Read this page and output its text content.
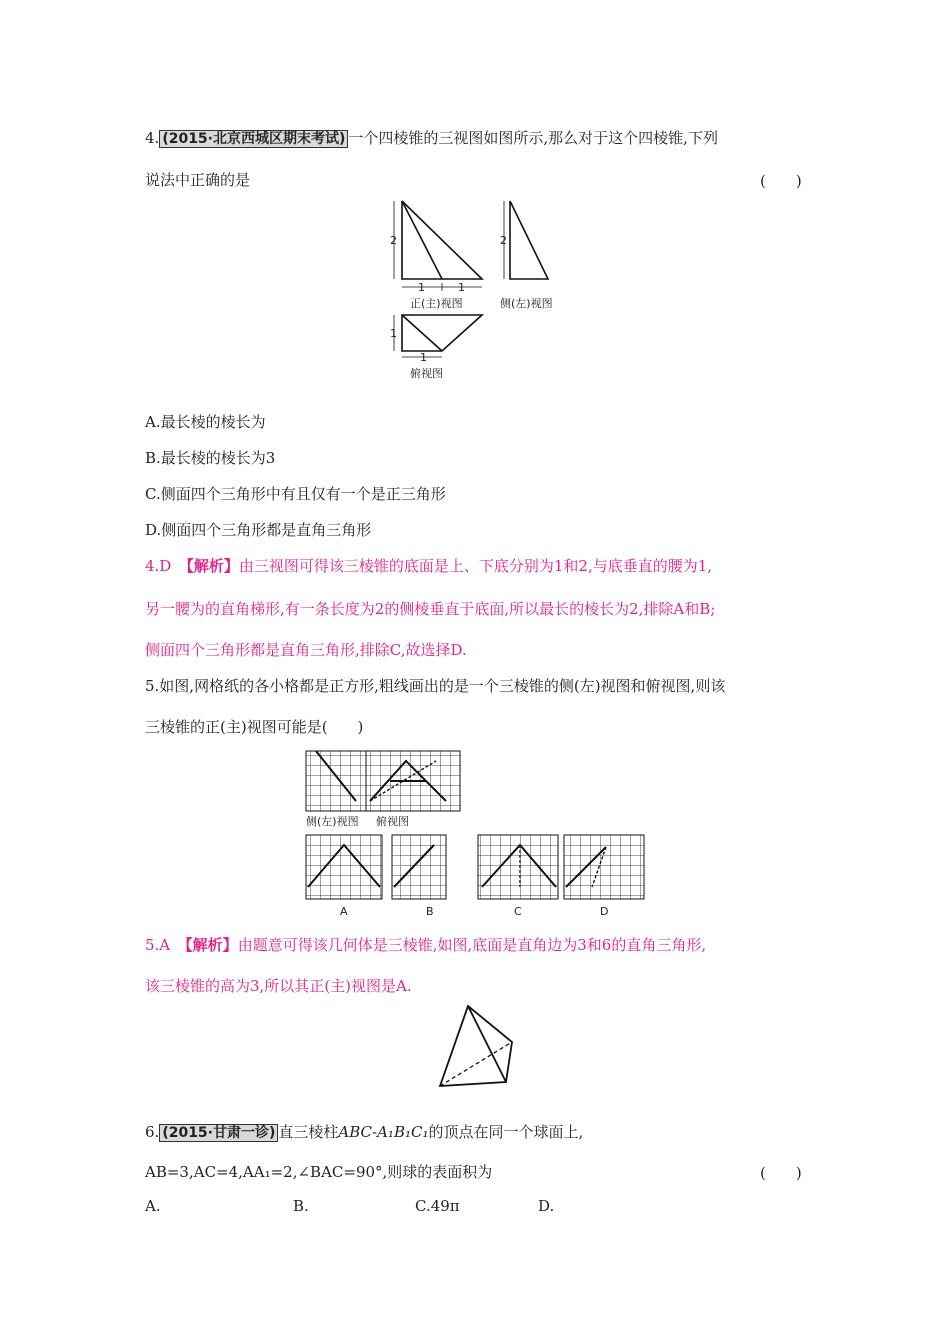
4. (2015·北京西城区期末考试) 一个四棱锥的三视图如图所示,那么对于这个四棱锥,下列
说法中正确的是	(　　)
2
1	1
正(主)视图
2
侧(左)视图
1
1
俯视图
A.最长棱的棱长为
B.最长棱的棱长为3
C.侧面四个三角形中有且仅有一个是正三角形
D.侧面四个三角形都是直角三角形
4.D　 【解析】由三视图可得该三棱锥的底面是上、下底分别为1和2,与底垂直的腰为1,
另一腰为的直角梯形,有一条长度为2的侧棱垂直于底面,所以最长的棱长为2,排除A和B;
侧面四个三角形都是直角三角形,排除C,故选择D.
5.如图,网格纸的各小格都是正方形,粗线画出的是一个三棱锥的侧(左)视图和俯视图,则该
三棱锥的正(主)视图可能是(　　)
侧(左)视图 俯视图
A	B	C	D
5.A　 【解析】由题意可得该几何体是三棱锥,如图,底面是直角边为3和6的直角三角形,
该三棱锥的高为3,所以其正(主)视图是A.
6. (2015·甘肃一诊) 直三棱柱ABC-A₁B₁C₁的顶点在同一个球面上,
AB=3,AC=4,AA₁=2,∠BAC=90°,则球的表面积为	(　　)
A.	B.	C.49π	D.
